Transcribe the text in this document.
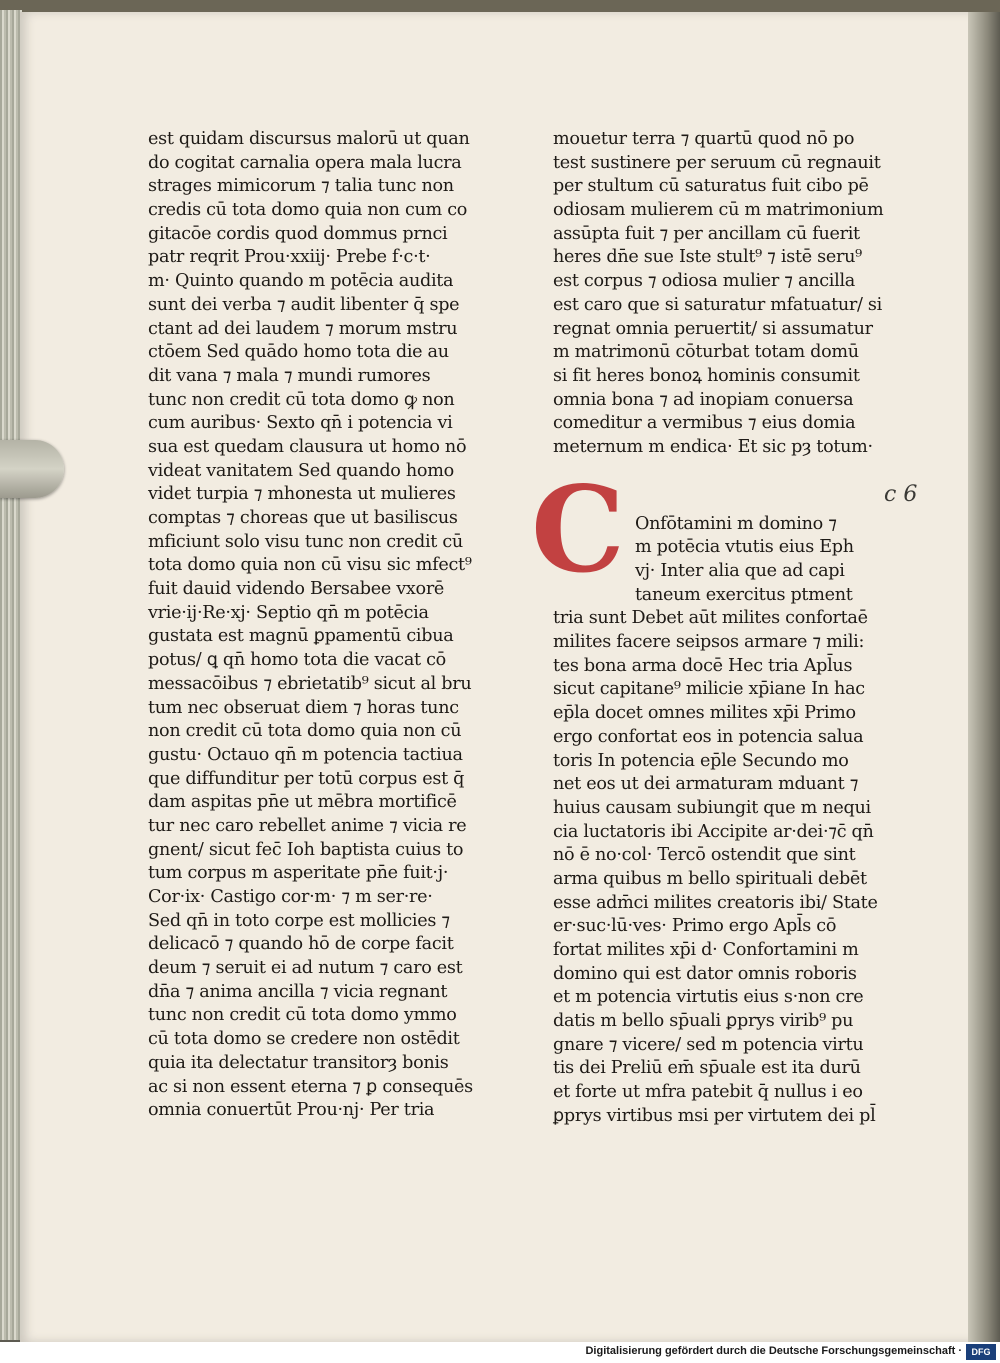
est quidam discursus malorū ut quan
do cogitat carnalia opera mala lucra
strages mimicorum ⁊ talia tunc non
credis cū tota domo quia non cum co
gitacōe cordis quod dommus prnci
patr reqrit Prou·xxiij· Prebe f·c·t·
m· Quinto quando m potēcia audita
sunt dei verba ⁊ audit libenter q̄ spe
ctant ad dei laudem ⁊ morum mstru
ctōem Sed quādo homo tota die au
dit vana ⁊ mala ⁊ mundi rumores
tunc non credit cū tota domo ꝙ non
cum auribus· Sexto qn̄ i potencia vi
sua est quedam clausura ut homo nō
videat vanitatem Sed quando homo
videt turpia ⁊ mhonesta ut mulieres
comptas ⁊ choreas que ut basiliscus
mficiunt solo visu tunc non credit cū
tota domo quia non cū visu sic mfect⁹
fuit dauid videndo Bersabee vxorē
vrie·ij·Re·xj· Septio qn̄ m potēcia
gustata est magnū ꝑpamentū cibua
potus/ ꝗ qn̄ homo tota die vacat cō
messacōibus ⁊ ebrietatib⁹ sicut al bru
tum nec obseruat diem ⁊ horas tunc
non credit cū tota domo quia non cū
gustu· Octauo qn̄ m potencia tactiua
que diffunditur per totū corpus est q̄
dam aspitas pn̄e ut mēbra mortificē
tur nec caro rebellet anime ⁊ vicia re
gnent/ sicut fec̄ Ioh baptista cuius to
tum corpus m asperitate pn̄e fuit·j·
Cor·ix· Castigo cor·m· ⁊ m ser·re·
Sed qn̄ in toto corpe est mollicies ⁊
delicacō ⁊ quando hō de corpe facit
deum ⁊ seruit ei ad nutum ⁊ caro est
dn̄a ⁊ anima ancilla ⁊ vicia regnant
tunc non credit cū tota domo ymmo
cū tota domo se credere non ostēdit
quia ita delectatur transitorȝ bonis
ac si non essent eterna ⁊ ꝑ consequēs
omnia conuertūt Prou·nj· Per tria
mouetur terra ⁊ quartū quod nō po
test sustinere per seruum cū regnauit
per stultum cū saturatus fuit cibo pē
odiosam mulierem cū m matrimonium
assūpta fuit ⁊ per ancillam cū fuerit
heres dn̄e sue Iste stult⁹ ⁊ istē seru⁹
est corpus ⁊ odiosa mulier ⁊ ancilla
est caro que si saturatur mfatuatur/ si
regnat omnia peruertit/ si assumatur
m matrimonū cōturbat totam domū
si fit heres bonoꝝ hominis consumit
omnia bona ⁊ ad inopiam conuersa
comeditur a vermibus ⁊ eius domia
meternum m endica· Et sic pȝ totum·
Onfōtamini m domino ⁊
m potēcia vtutis eius Eph
vj· Inter alia que ad capi
taneum exercitus ptment
tria sunt Debet aūt milites confortaē
milites facere seipsos armare ⁊ mili:
tes bona arma docē Hec tria Apl̄us
sicut capitane⁹ milicie xp̄iane In hac
ep̄la docet omnes milites xp̄i Primo
ergo confortat eos in potencia salua
toris In potencia ep̄le Secundo mo
net eos ut dei armaturam mduant ⁊
huius causam subiungit que m nequi
cia luctatoris ibi Accipite ar·dei·⁊c̄ qn̄
nō ē no·col· Tercō ostendit que sint
arma quibus m bello spirituali debēt
esse adm̄ci milites creatoris ibi/ State
er·suc·lū·ves· Primo ergo Apl̄s cō
fortat milites xp̄i d· Confortamini m
domino qui est dator omnis roboris
et m potencia virtutis eius s·non cre
datis m bello sp̄uali ꝑprys virib⁹ pu
gnare ⁊ vicere/ sed m potencia virtu
tis dei Preliū em̄ sp̄uale est ita durū
et forte ut mfra patebit q̄ nullus i eo
ꝑprys virtibus msi per virtutem dei pl̄
C	c 6
Digitalisierung gefördert durch die Deutsche Forschungsgemeinschaft ·	DFG
